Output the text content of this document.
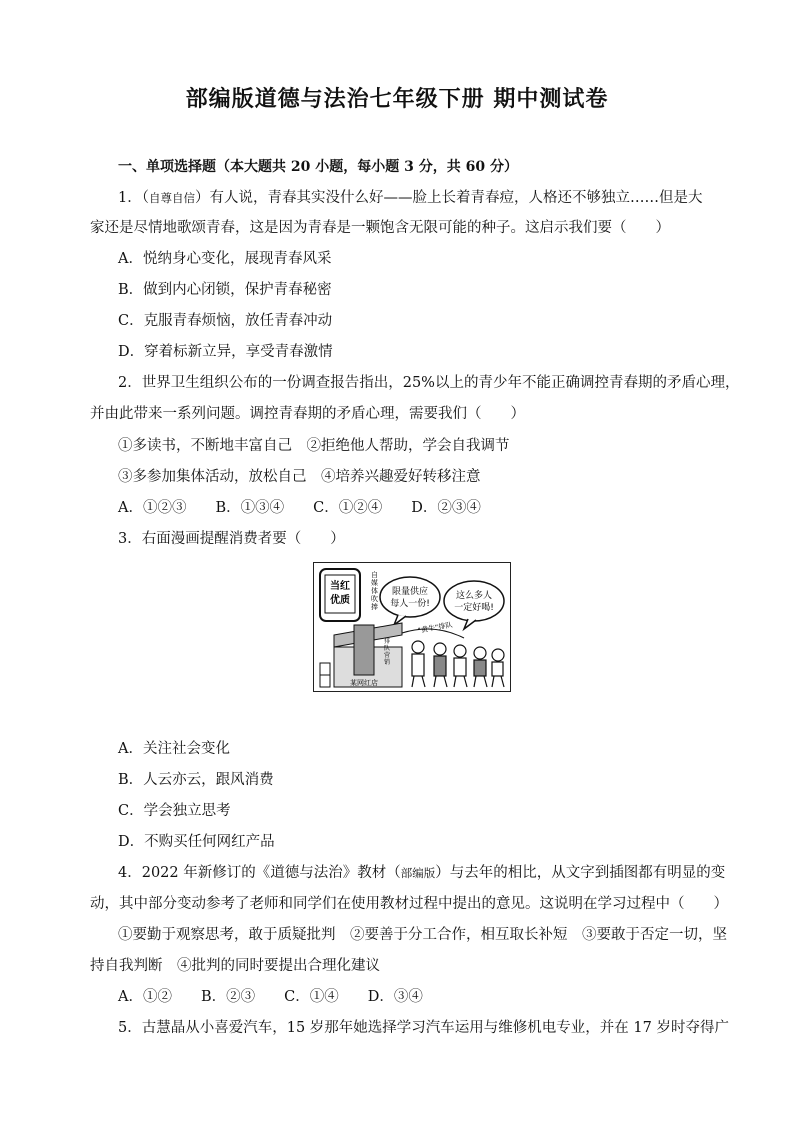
部编版道德与法治七年级下册 期中测试卷
一、单项选择题（本大题共 20 小题，每小题 3 分，共 60 分）
1．（自尊自信）有人说，青春其实没什么好——脸上长着青春痘，人格还不够独立……但是大
家还是尽情地歌颂青春，这是因为青春是一颗饱含无限可能的种子。这启示我们要（　　）
A．悦纳身心变化，展现青春风采
B．做到内心闭锁，保护青春秘密
C．克服青春烦恼，放任青春冲动
D．穿着标新立异，享受青春激情
2．世界卫生组织公布的一份调查报告指出，25%以上的青少年不能正确调控青春期的矛盾心理，
并由此带来一系列问题。调控青春期的矛盾心理，需要我们（　　）
①多读书，不断地丰富自己　②拒绝他人帮助，学会自我调节
③多参加集体活动，放松自己　④培养兴趣爱好转移注意
A．①②③　　B．①③④　　C．①②④　　D．②③④
3．右面漫画提醒消费者要（　　）
当红
优质
自媒体吹捧
限量供应
每人一份!
这么多人
一定好喝!
某网红店
排队营销
“黄牛”排队
A．关注社会变化
B．人云亦云，跟风消费
C．学会独立思考
D．不购买任何网红产品
4．2022 年新修订的《道德与法治》教材（部编版）与去年的相比，从文字到插图都有明显的变
动，其中部分变动参考了老师和同学们在使用教材过程中提出的意见。这说明在学习过程中（　　）
①要勤于观察思考，敢于质疑批判　②要善于分工合作，相互取长补短　③要敢于否定一切，坚
持自我判断　④批判的同时要提出合理化建议
A．①②　　B．②③　　C．①④　　D．③④
5．古慧晶从小喜爱汽车，15 岁那年她选择学习汽车运用与维修机电专业，并在 17 岁时夺得广
